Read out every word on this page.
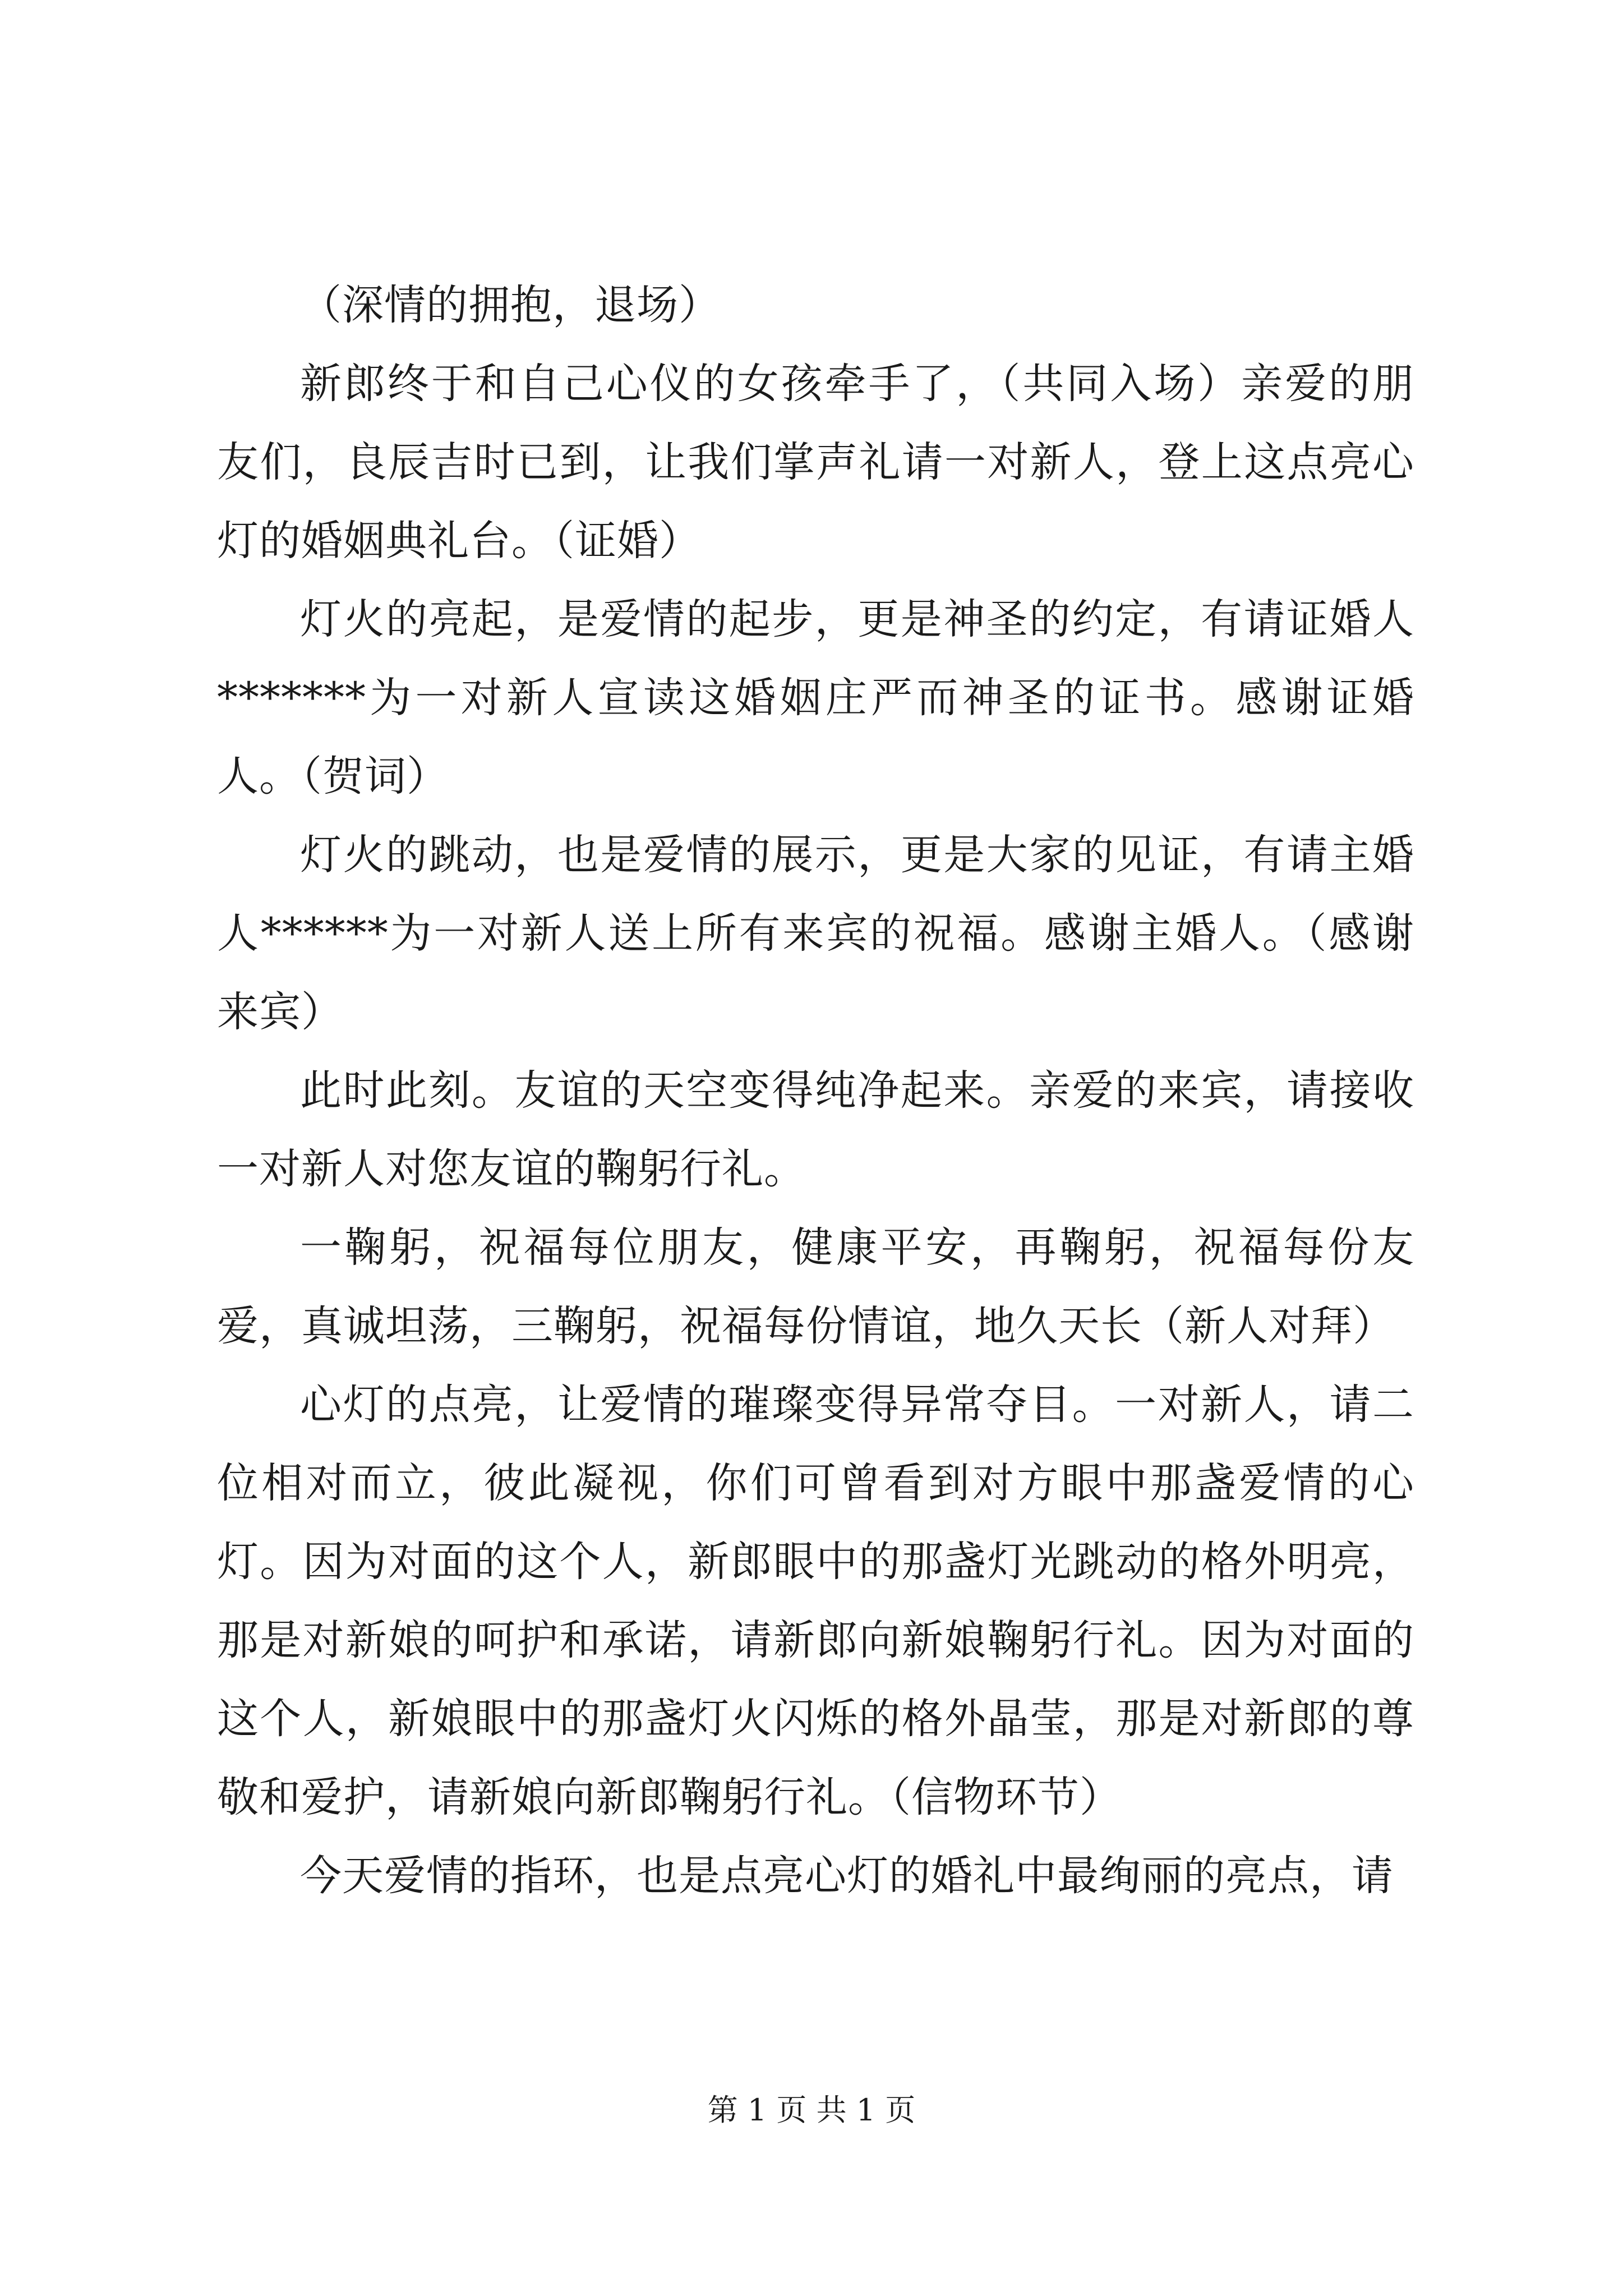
（深情的拥抱，退场）

新郎终于和自己心仪的女孩牵手了，（共同入场）亲爱的朋友们，良辰吉时已到，让我们掌声礼请一对新人，登上这点亮心灯的婚姻典礼台。（证婚）

灯火的亮起，是爱情的起步，更是神圣的约定，有请证婚人*******为一对新人宣读这婚姻庄严而神圣的证书。感谢证婚人。（贺词）

灯火的跳动，也是爱情的展示，更是大家的见证，有请主婚人******为一对新人送上所有来宾的祝福。感谢主婚人。（感谢来宾）

此时此刻。友谊的天空变得纯净起来。亲爱的来宾，请接收一对新人对您友谊的鞠躬行礼。

一鞠躬，祝福每位朋友，健康平安，再鞠躬，祝福每份友爱，真诚坦荡，三鞠躬，祝福每份情谊，地久天长（新人对拜）

心灯的点亮，让爱情的璀璨变得异常夺目。一对新人，请二位相对而立，彼此凝视，你们可曾看到对方眼中那盏爱情的心灯。因为对面的这个人，新郎眼中的那盏灯光跳动的格外明亮，那是对新娘的呵护和承诺，请新郎向新娘鞠躬行礼。因为对面的这个人，新娘眼中的那盏灯火闪烁的格外晶莹，那是对新郎的尊敬和爱护，请新娘向新郎鞠躬行礼。（信物环节）

今天爱情的指环，也是点亮心灯的婚礼中最绚丽的亮点，请

第 1 页 共 1 页
